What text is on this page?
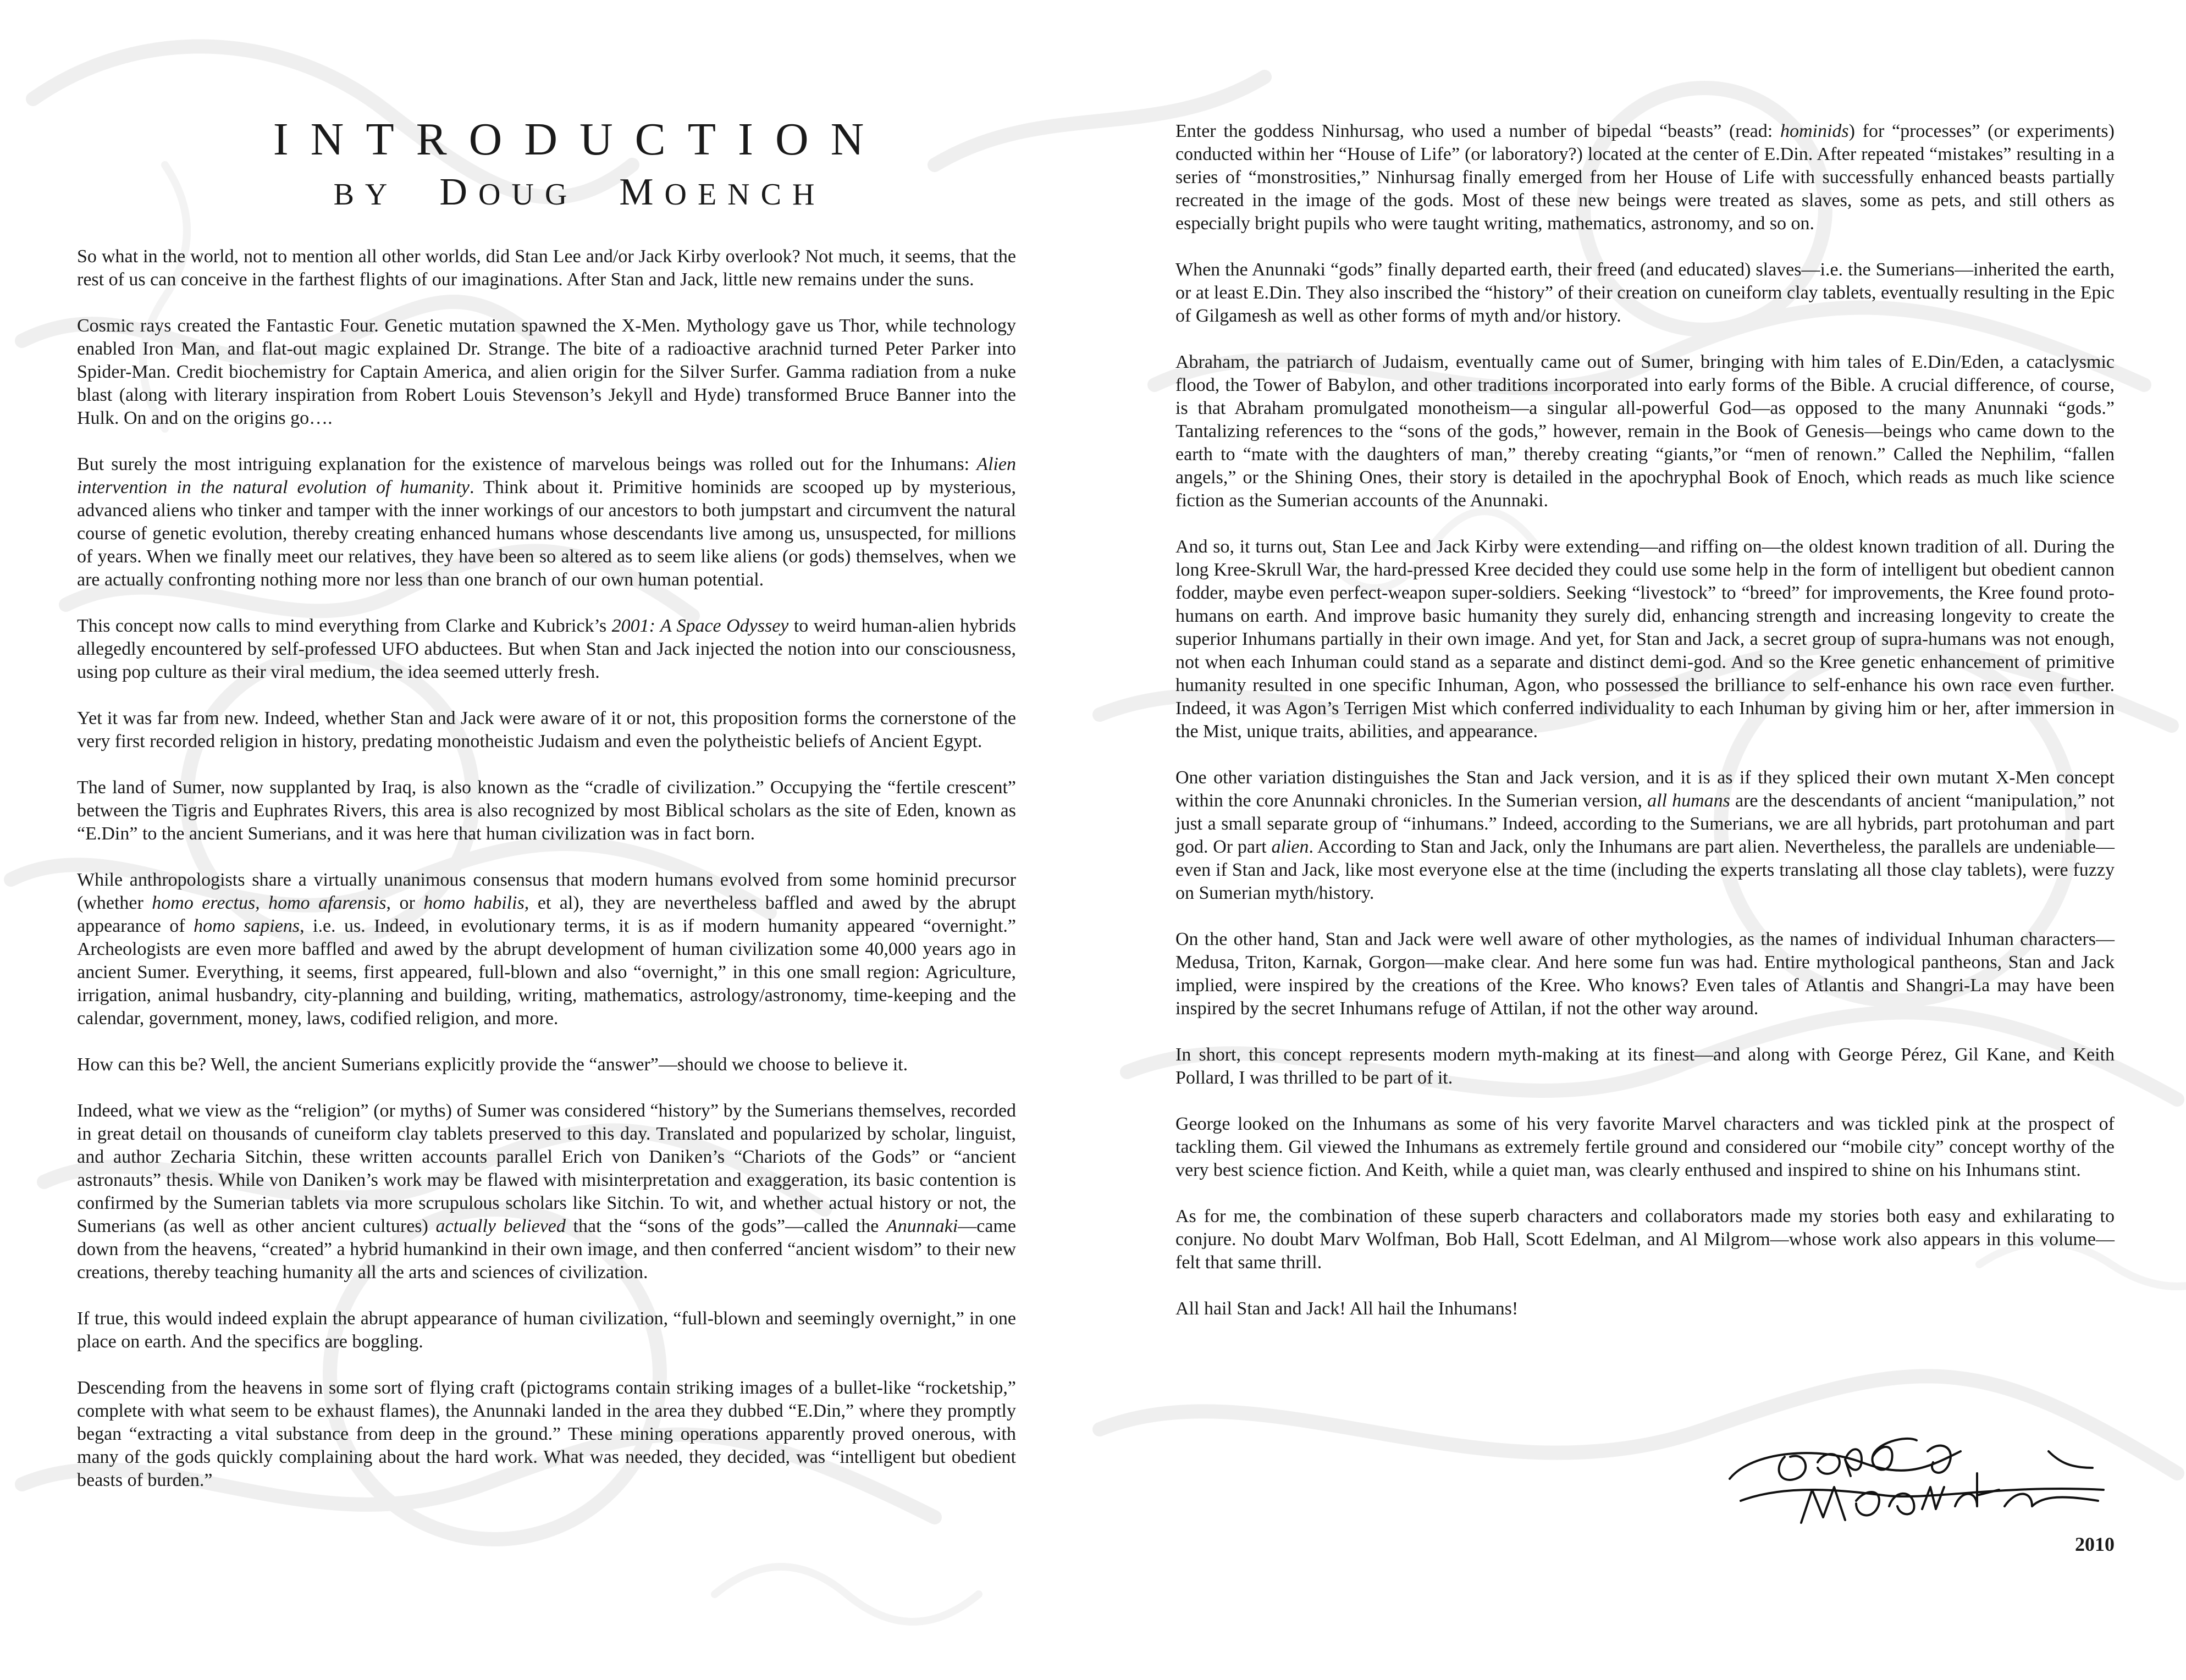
INTRODUCTION
BY DOUG MOENCH

So what in the world, not to mention all other worlds, did Stan Lee and/or Jack Kirby overlook? Not much, it seems, that the rest of us can conceive in the farthest flights of our imaginations. After Stan and Jack, little new remains under the suns.

Cosmic rays created the Fantastic Four. Genetic mutation spawned the X-Men. Mythology gave us Thor, while technology enabled Iron Man, and flat-out magic explained Dr. Strange. The bite of a radioactive arachnid turned Peter Parker into Spider-Man. Credit biochemistry for Captain America, and alien origin for the Silver Surfer. Gamma radiation from a nuke blast (along with literary inspiration from Robert Louis Stevenson’s Jekyll and Hyde) transformed Bruce Banner into the Hulk. On and on the origins go….

But surely the most intriguing explanation for the existence of marvelous beings was rolled out for the Inhumans: Alien intervention in the natural evolution of humanity. Think about it. Primitive hominids are scooped up by mysterious, advanced aliens who tinker and tamper with the inner workings of our ancestors to both jumpstart and circumvent the natural course of genetic evolution, thereby creating enhanced humans whose descendants live among us, unsuspected, for millions of years. When we finally meet our relatives, they have been so altered as to seem like aliens (or gods) themselves, when we are actually confronting nothing more nor less than one branch of our own human potential.

This concept now calls to mind everything from Clarke and Kubrick’s 2001: A Space Odyssey to weird human-alien hybrids allegedly encountered by self-professed UFO abductees. But when Stan and Jack injected the notion into our consciousness, using pop culture as their viral medium, the idea seemed utterly fresh.

Yet it was far from new. Indeed, whether Stan and Jack were aware of it or not, this proposition forms the cornerstone of the very first recorded religion in history, predating monotheistic Judaism and even the polytheistic beliefs of Ancient Egypt.

The land of Sumer, now supplanted by Iraq, is also known as the “cradle of civilization.” Occupying the “fertile crescent” between the Tigris and Euphrates Rivers, this area is also recognized by most Biblical scholars as the site of Eden, known as “E.Din” to the ancient Sumerians, and it was here that human civilization was in fact born.

While anthropologists share a virtually unanimous consensus that modern humans evolved from some hominid precursor (whether homo erectus, homo afarensis, or homo habilis, et al), they are nevertheless baffled and awed by the abrupt appearance of homo sapiens, i.e. us. Indeed, in evolutionary terms, it is as if modern humanity appeared “overnight.” Archeologists are even more baffled and awed by the abrupt development of human civilization some 40,000 years ago in ancient Sumer. Everything, it seems, first appeared, full-blown and also “overnight,” in this one small region: Agriculture, irrigation, animal husbandry, city-planning and building, writing, mathematics, astrology/astronomy, time-keeping and the calendar, government, money, laws, codified religion, and more.

How can this be? Well, the ancient Sumerians explicitly provide the “answer”—should we choose to believe it.

Indeed, what we view as the “religion” (or myths) of Sumer was considered “history” by the Sumerians themselves, recorded in great detail on thousands of cuneiform clay tablets preserved to this day. Translated and popularized by scholar, linguist, and author Zecharia Sitchin, these written accounts parallel Erich von Daniken’s “Chariots of the Gods” or “ancient astronauts” thesis. While von Daniken’s work may be flawed with misinterpretation and exaggeration, its basic contention is confirmed by the Sumerian tablets via more scrupulous scholars like Sitchin. To wit, and whether actual history or not, the Sumerians (as well as other ancient cultures) actually believed that the “sons of the gods”—called the Anunnaki—came down from the heavens, “created” a hybrid humankind in their own image, and then conferred “ancient wisdom” to their new creations, thereby teaching humanity all the arts and sciences of civilization.

If true, this would indeed explain the abrupt appearance of human civilization, “full-blown and seemingly overnight,” in one place on earth. And the specifics are boggling.

Descending from the heavens in some sort of flying craft (pictograms contain striking images of a bullet-like “rocketship,” complete with what seem to be exhaust flames), the Anunnaki landed in the area they dubbed “E.Din,” where they promptly began “extracting a vital substance from deep in the ground.” These mining operations apparently proved onerous, with many of the gods quickly complaining about the hard work. What was needed, they decided, was “intelligent but obedient beasts of burden.”

Enter the goddess Ninhursag, who used a number of bipedal “beasts” (read: hominids) for “processes” (or experiments) conducted within her “House of Life” (or laboratory?) located at the center of E.Din. After repeated “mistakes” resulting in a series of “monstrosities,” Ninhursag finally emerged from her House of Life with successfully enhanced beasts partially recreated in the image of the gods. Most of these new beings were treated as slaves, some as pets, and still others as especially bright pupils who were taught writing, mathematics, astronomy, and so on.

When the Anunnaki “gods” finally departed earth, their freed (and educated) slaves—i.e. the Sumerians—inherited the earth, or at least E.Din. They also inscribed the “history” of their creation on cuneiform clay tablets, eventually resulting in the Epic of Gilgamesh as well as other forms of myth and/or history.

Abraham, the patriarch of Judaism, eventually came out of Sumer, bringing with him tales of E.Din/Eden, a cataclysmic flood, the Tower of Babylon, and other traditions incorporated into early forms of the Bible. A crucial difference, of course, is that Abraham promulgated monotheism—a singular all-powerful God—as opposed to the many Anunnaki “gods.” Tantalizing references to the “sons of the gods,” however, remain in the Book of Genesis—beings who came down to the earth to “mate with the daughters of man,” thereby creating “giants,”or “men of renown.” Called the Nephilim, “fallen angels,” or the Shining Ones, their story is detailed in the apochryphal Book of Enoch, which reads as much like science fiction as the Sumerian accounts of the Anunnaki.

And so, it turns out, Stan Lee and Jack Kirby were extending—and riffing on—the oldest known tradition of all. During the long Kree-Skrull War, the hard-pressed Kree decided they could use some help in the form of intelligent but obedient cannon fodder, maybe even perfect-weapon super-soldiers. Seeking “livestock” to “breed” for improvements, the Kree found proto-humans on earth. And improve basic humanity they surely did, enhancing strength and increasing longevity to create the superior Inhumans partially in their own image. And yet, for Stan and Jack, a secret group of supra-humans was not enough, not when each Inhuman could stand as a separate and distinct demi-god. And so the Kree genetic enhancement of primitive humanity resulted in one specific Inhuman, Agon, who possessed the brilliance to self-enhance his own race even further. Indeed, it was Agon’s Terrigen Mist which conferred individuality to each Inhuman by giving him or her, after immersion in the Mist, unique traits, abilities, and appearance.

One other variation distinguishes the Stan and Jack version, and it is as if they spliced their own mutant X-Men concept within the core Anunnaki chronicles. In the Sumerian version, all humans are the descendants of ancient “manipulation,” not just a small separate group of “inhumans.” Indeed, according to the Sumerians, we are all hybrids, part protohuman and part god. Or part alien. According to Stan and Jack, only the Inhumans are part alien. Nevertheless, the parallels are undeniable—even if Stan and Jack, like most everyone else at the time (including the experts translating all those clay tablets), were fuzzy on Sumerian myth/history.

On the other hand, Stan and Jack were well aware of other mythologies, as the names of individual Inhuman characters—Medusa, Triton, Karnak, Gorgon—make clear. And here some fun was had. Entire mythological pantheons, Stan and Jack implied, were inspired by the creations of the Kree. Who knows? Even tales of Atlantis and Shangri-La may have been inspired by the secret Inhumans refuge of Attilan, if not the other way around.

In short, this concept represents modern myth-making at its finest—and along with George Pérez, Gil Kane, and Keith Pollard, I was thrilled to be part of it.

George looked on the Inhumans as some of his very favorite Marvel characters and was tickled pink at the prospect of tackling them. Gil viewed the Inhumans as extremely fertile ground and considered our “mobile city” concept worthy of the very best science fiction. And Keith, while a quiet man, was clearly enthused and inspired to shine on his Inhumans stint.

As for me, the combination of these superb characters and collaborators made my stories both easy and exhilarating to conjure. No doubt Marv Wolfman, Bob Hall, Scott Edelman, and Al Milgrom—whose work also appears in this volume—felt that same thrill.

All hail Stan and Jack! All hail the Inhumans!

2010
